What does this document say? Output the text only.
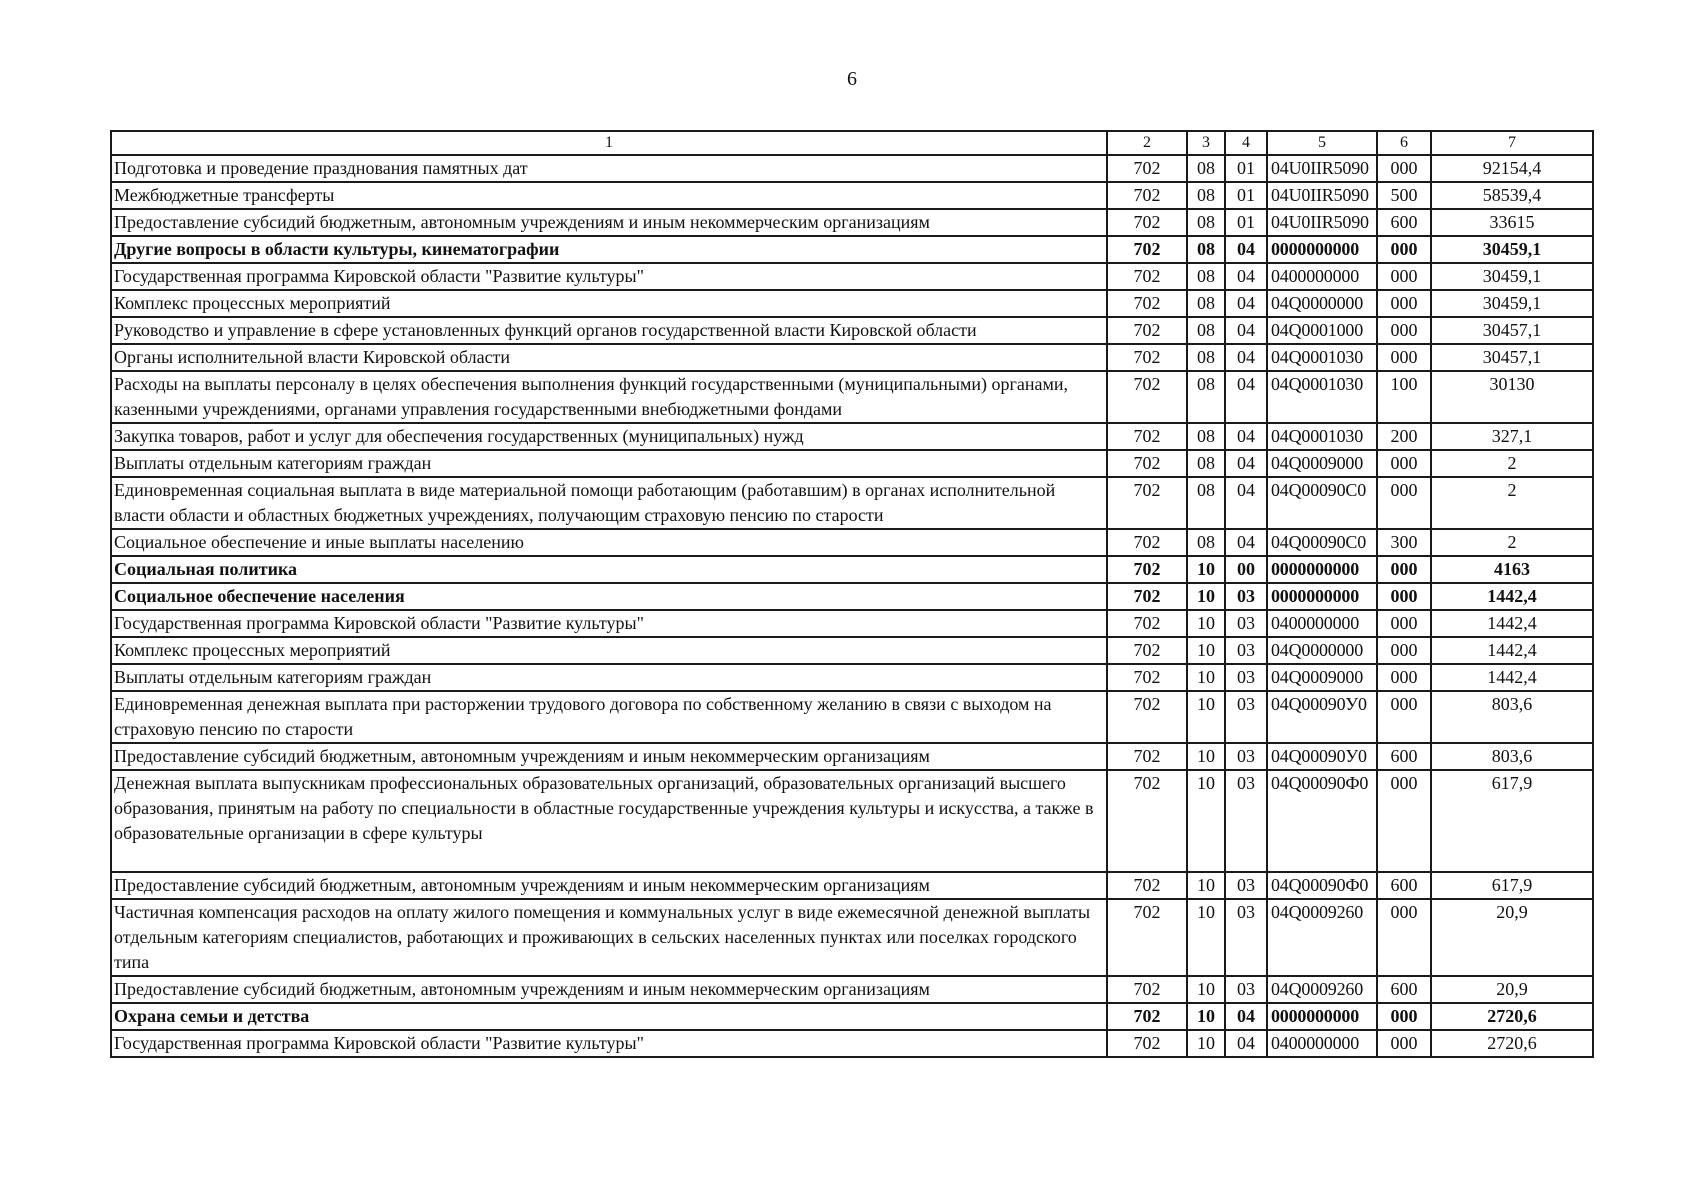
6
1	2	3	4	5	6	7
Подготовка и проведение празднования памятных дат	702	08	01	04U0IIR5090	000	92154,4
Межбюджетные трансферты	702	08	01	04U0IIR5090	500	58539,4
Предоставление субсидий бюджетным, автономным учреждениям и иным некоммерческим организациям	702	08	01	04U0IIR5090	600	33615
Другие вопросы в области культуры, кинематографии	702	08	04	0000000000	000	30459,1
Государственная программа Кировской области "Развитие культуры"	702	08	04	0400000000	000	30459,1
Комплекс процессных мероприятий	702	08	04	04Q0000000	000	30459,1
Руководство и управление в сфере установленных функций органов государственной власти Кировской области	702	08	04	04Q0001000	000	30457,1
Органы исполнительной власти Кировской области	702	08	04	04Q0001030	000	30457,1
Расходы на выплаты персоналу в целях обеспечения выполнения функций государственными (муниципальными) органами, казенными учреждениями, органами управления государственными внебюджетными фондами	702	08	04	04Q0001030	100	30130
Закупка товаров, работ и услуг для обеспечения государственных (муниципальных) нужд	702	08	04	04Q0001030	200	327,1
Выплаты отдельным категориям граждан	702	08	04	04Q0009000	000	2
Единовременная социальная выплата в виде материальной помощи работающим (работавшим) в органах исполнительной власти области и областных бюджетных учреждениях, получающим страховую пенсию по старости	702	08	04	04Q00090C0	000	2
Социальное обеспечение и иные выплаты населению	702	08	04	04Q00090C0	300	2
Социальная политика	702	10	00	0000000000	000	4163
Социальное обеспечение населения	702	10	03	0000000000	000	1442,4
Государственная программа Кировской области "Развитие культуры"	702	10	03	0400000000	000	1442,4
Комплекс процессных мероприятий	702	10	03	04Q0000000	000	1442,4
Выплаты отдельным категориям граждан	702	10	03	04Q0009000	000	1442,4
Единовременная денежная выплата при расторжении трудового договора по собственному желанию в связи с выходом на страховую пенсию по старости	702	10	03	04Q00090У0	000	803,6
Предоставление субсидий бюджетным, автономным учреждениям и иным некоммерческим организациям	702	10	03	04Q00090У0	600	803,6
Денежная выплата выпускникам профессиональных образовательных организаций, образовательных организаций высшего образования, принятым на работу по специальности в областные государственные учреждения культуры и искусства, а также в образовательные организации в сфере культуры	702	10	03	04Q00090Ф0	000	617,9
Предоставление субсидий бюджетным, автономным учреждениям и иным некоммерческим организациям	702	10	03	04Q00090Ф0	600	617,9
Частичная компенсация расходов на оплату жилого помещения и коммунальных услуг в виде ежемесячной денежной выплаты отдельным категориям специалистов, работающих и проживающих в сельских населенных пунктах или поселках городского типа	702	10	03	04Q0009260	000	20,9
Предоставление субсидий бюджетным, автономным учреждениям и иным некоммерческим организациям	702	10	03	04Q0009260	600	20,9
Охрана семьи и детства	702	10	04	0000000000	000	2720,6
Государственная программа Кировской области "Развитие культуры"	702	10	04	0400000000	000	2720,6
